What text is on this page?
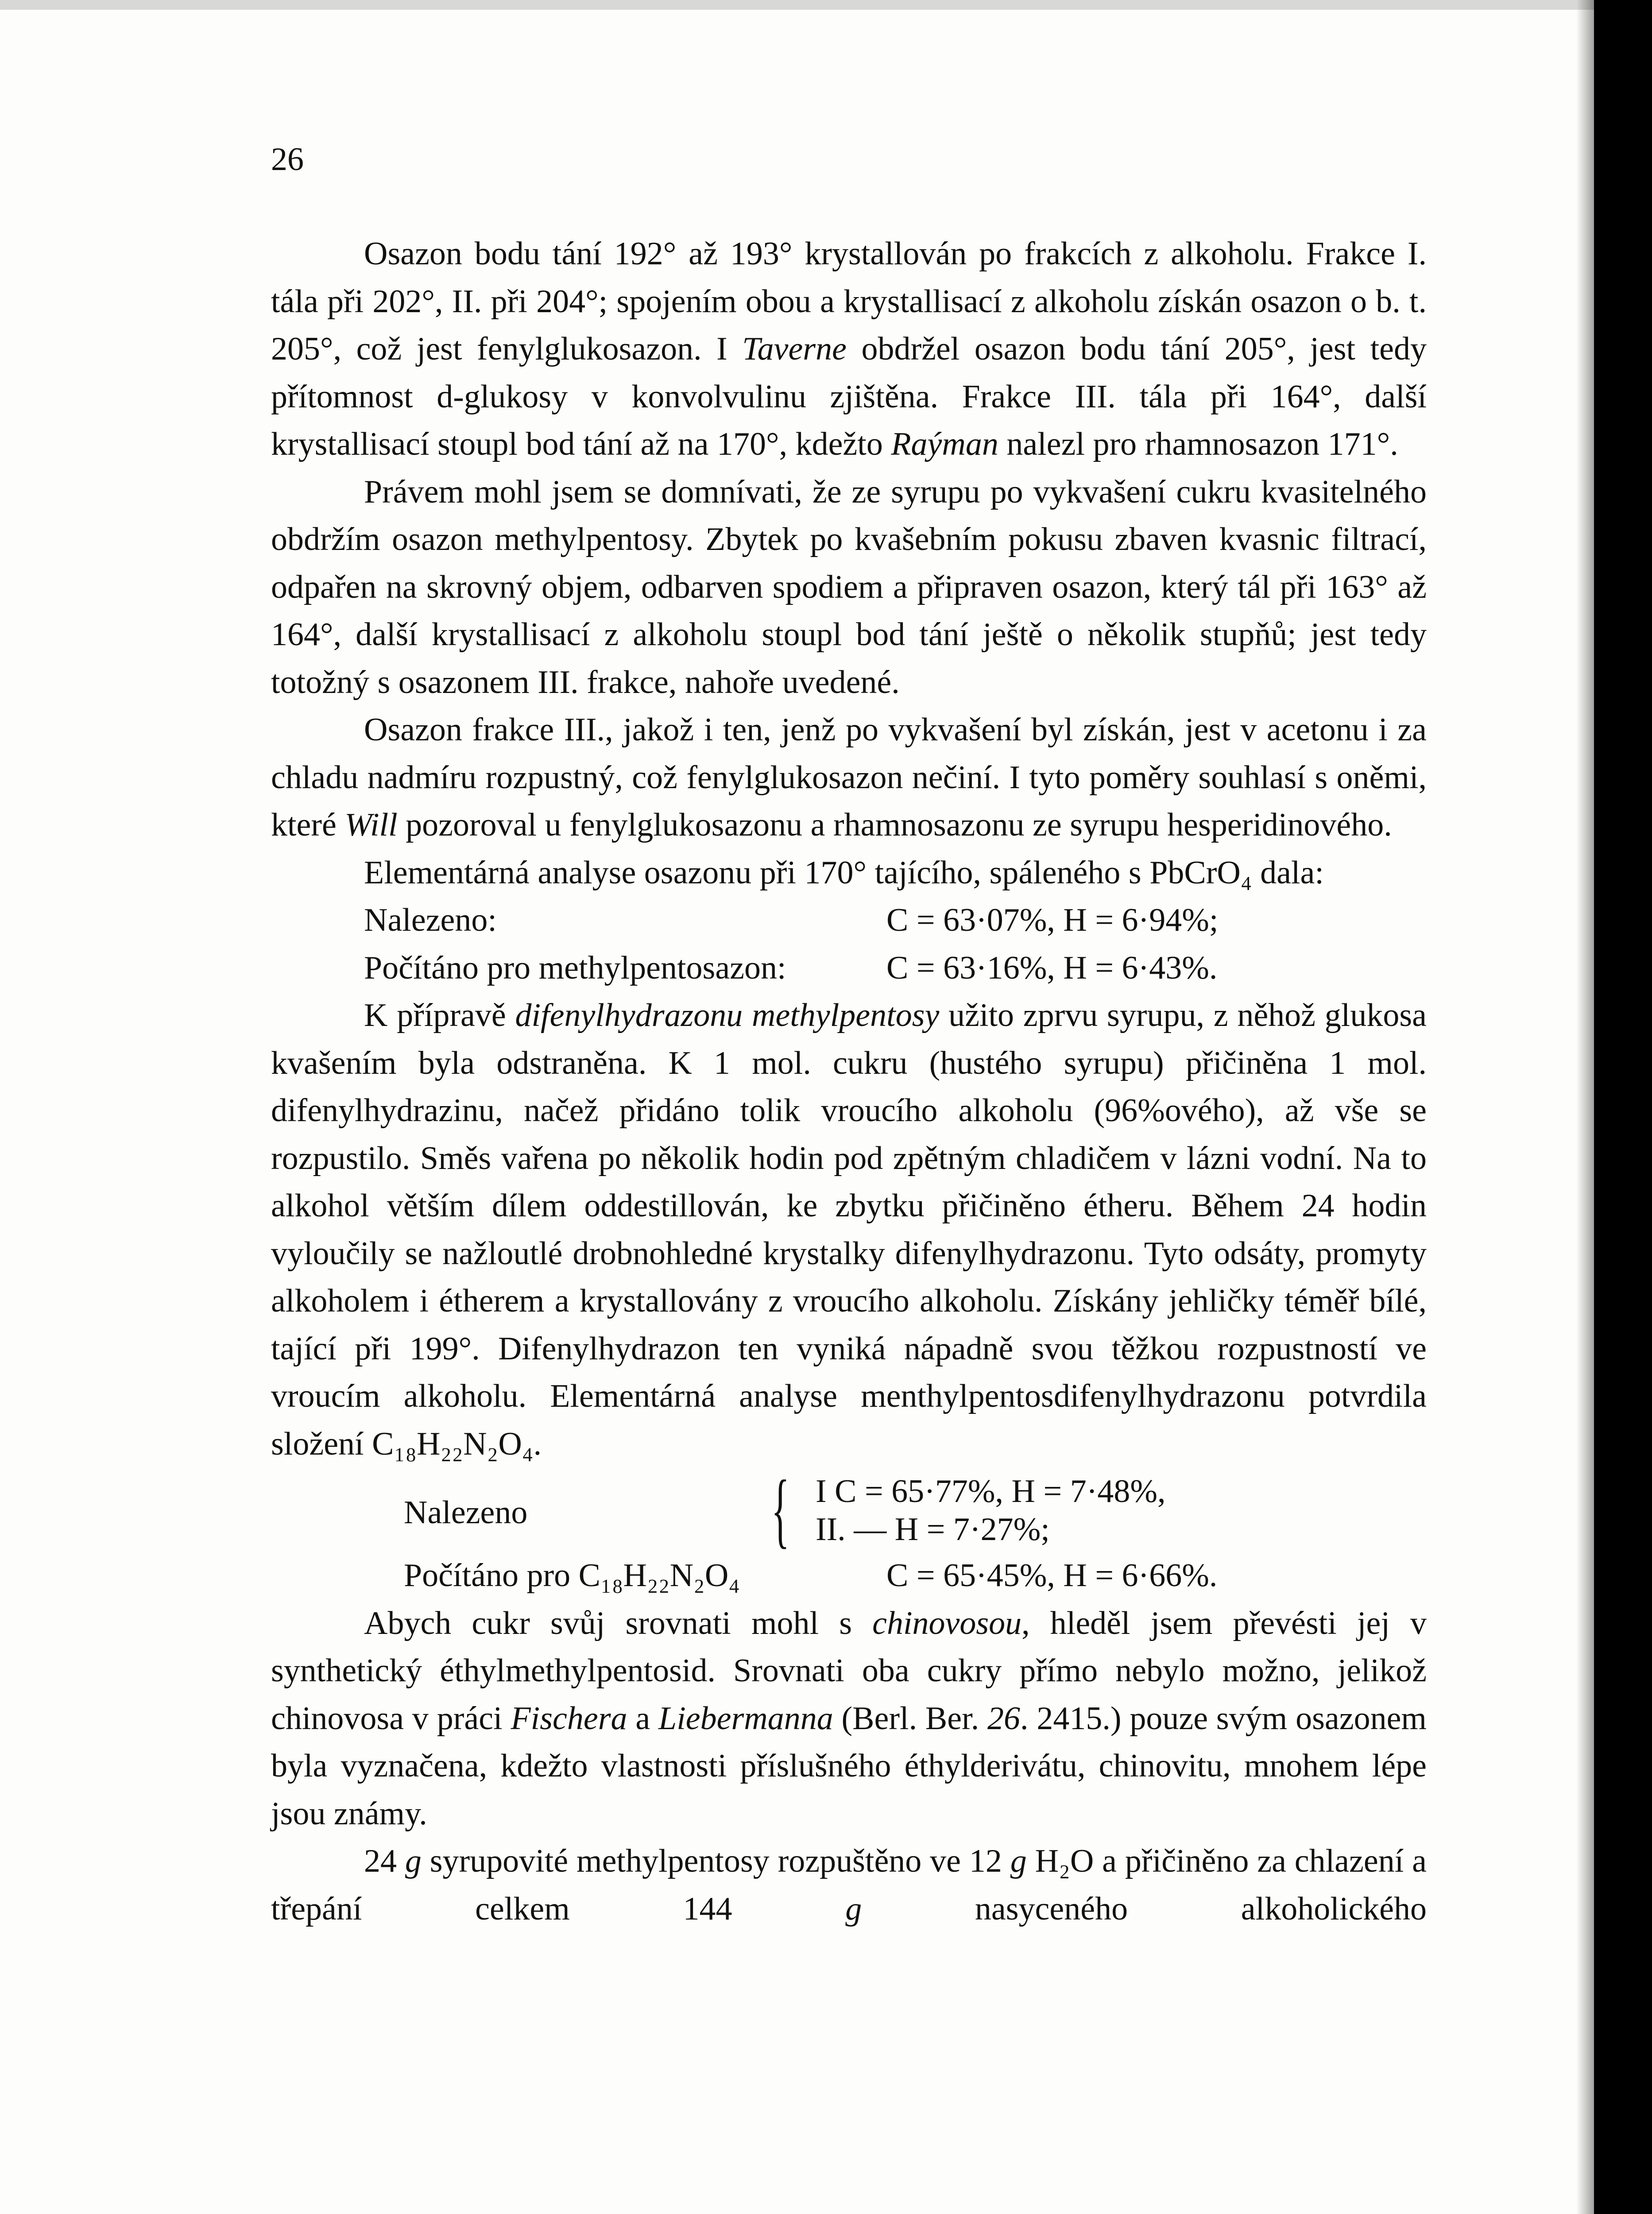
26

Osazon bodu tání 192° až 193° krystallován po frakcích z alkoholu. Frakce I. tála při 202°, II. při 204°; spojením obou a krystallisací z alkoholu získán osazon o b. t. 205°, což jest fenylglukosazon. I Taverne obdržel osazon bodu tání 205°, jest tedy přítomnost d-glukosy v konvolvulinu zjištěna. Frakce III. tála při 164°, další krystallisací stoupl bod tání až na 170°, kdežto Raýman nalezl pro rhamnosazon 171°.

Právem mohl jsem se domnívati, že ze syrupu po vykvašení cukru kvasitelného obdržím osazon methylpentosy. Zbytek po kvašebním pokusu zbaven kvasnic filtrací, odpařen na skrovný objem, odbarven spodiem a připraven osazon, který tál při 163° až 164°, další krystallisací z alkoholu stoupl bod tání ještě o několik stupňů; jest tedy totožný s osazonem III. frakce, nahoře uvedené.

Osazon frakce III., jakož i ten, jenž po vykvašení byl získán, jest v acetonu i za chladu nadmíru rozpustný, což fenylglukosazon nečiní. I tyto poměry souhlasí s oněmi, které Will pozoroval u fenylglukosazonu a rhamnosazonu ze syrupu hesperidinového.

Elementárná analyse osazonu při 170° tajícího, spáleného s PbCrO₄ dala:

Nalezeno:	C = 63·07%, H = 6·94%;
Počítáno pro methylpentosazon:	C = 63·16%, H = 6·43%.

K přípravě difenylhydrazonu methylpentosy užito zprvu syrupu, z něhož glukosa kvašením byla odstraněna. K 1 mol. cukru (hustého syrupu) přičiněna 1 mol. difenylhydrazinu, načež přidáno tolik vroucího alkoholu (96%ového), až vše se rozpustilo. Směs vařena po několik hodin pod zpětným chladičem v lázni vodní. Na to alkohol větším dílem oddestillován, ke zbytku přičiněno étheru. Během 24 hodin vyloučily se nažloutlé drobnohledné krystalky difenylhydrazonu. Tyto odsáty, promyty alkoholem i étherem a krystallovány z vroucího alkoholu. Získány jehličky téměř bílé, tající při 199°. Difenylhydrazon ten vyniká nápadně svou těžkou rozpustností ve vroucím alkoholu. Elementárná analyse menthylpentosdifenylhydrazonu potvrdila složení C₁₈H₂₂N₂O₄.

Nalezeno	{ I C = 65·77%, H = 7·48%,
II. — H = 7·27%;
Počítáno pro C₁₈H₂₂N₂O₄	C = 65·45%, H = 6·66%.

Abych cukr svůj srovnati mohl s chinovosou, hleděl jsem převésti jej v synthetický éthylmethylpentosid. Srovnati oba cukry přímo nebylo možno, jelikož chinovosa v práci Fischera a Liebermanna (Berl. Ber. 26. 2415.) pouze svým osazonem byla vyznačena, kdežto vlastnosti příslušného éthylderivátu, chinovitu, mnohem lépe jsou známy.

24 g syrupovité methylpentosy rozpuštěno ve 12 g H₂O a přičiněno za chlazení a třepání celkem 144 g nasyceného alkoholického
